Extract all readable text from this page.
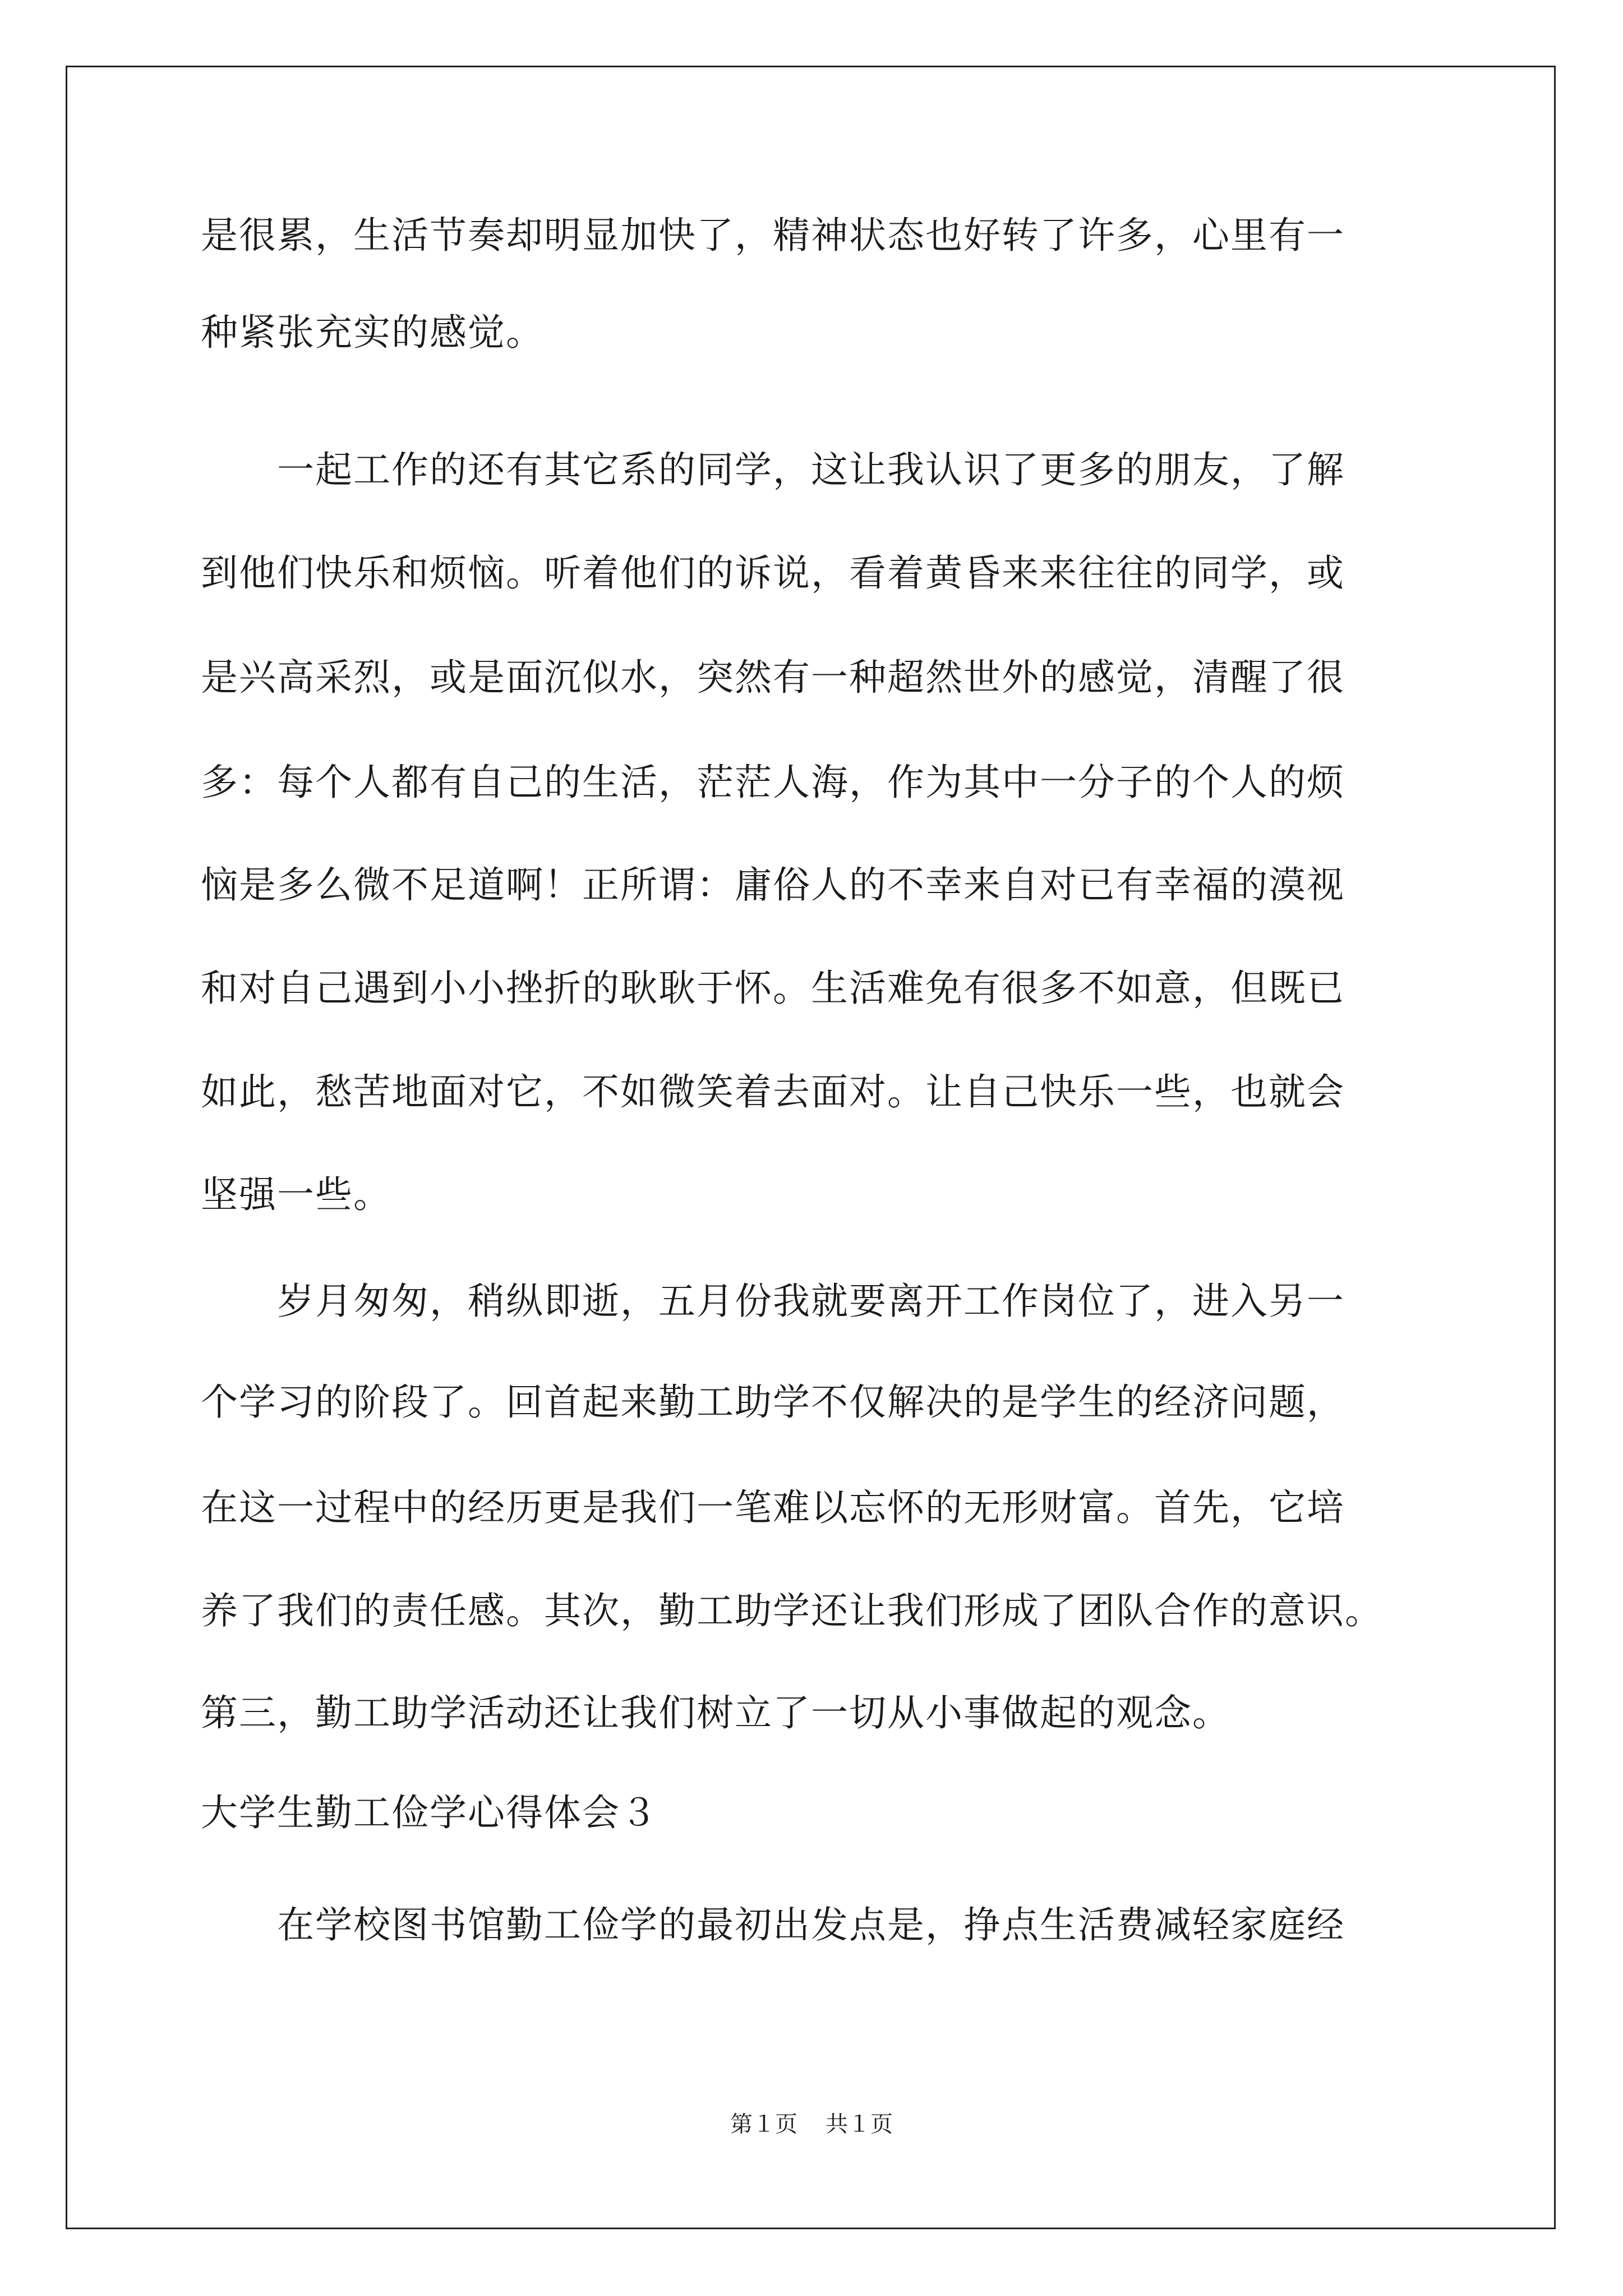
是很累，生活节奏却明显加快了，精神状态也好转了许多，心里有一
种紧张充实的感觉。
　　一起工作的还有其它系的同学，这让我认识了更多的朋友，了解
到他们快乐和烦恼。听着他们的诉说，看着黄昏来来往往的同学，或
是兴高采烈，或是面沉似水，突然有一种超然世外的感觉，清醒了很
多：每个人都有自己的生活，茫茫人海，作为其中一分子的个人的烦
恼是多么微不足道啊！正所谓：庸俗人的不幸来自对已有幸福的漠视
和对自己遇到小小挫折的耿耿于怀。生活难免有很多不如意，但既已
如此，愁苦地面对它，不如微笑着去面对。让自己快乐一些，也就会
坚强一些。
　　岁月匆匆，稍纵即逝，五月份我就要离开工作岗位了，进入另一
个学习的阶段了。回首起来勤工助学不仅解决的是学生的经济问题，
在这一过程中的经历更是我们一笔难以忘怀的无形财富。首先，它培
养了我们的责任感。其次，勤工助学还让我们形成了团队合作的意识。
第三，勤工助学活动还让我们树立了一切从小事做起的观念。
大学生勤工俭学心得体会３
　　在学校图书馆勤工俭学的最初出发点是，挣点生活费减轻家庭经
第１页 共１页
